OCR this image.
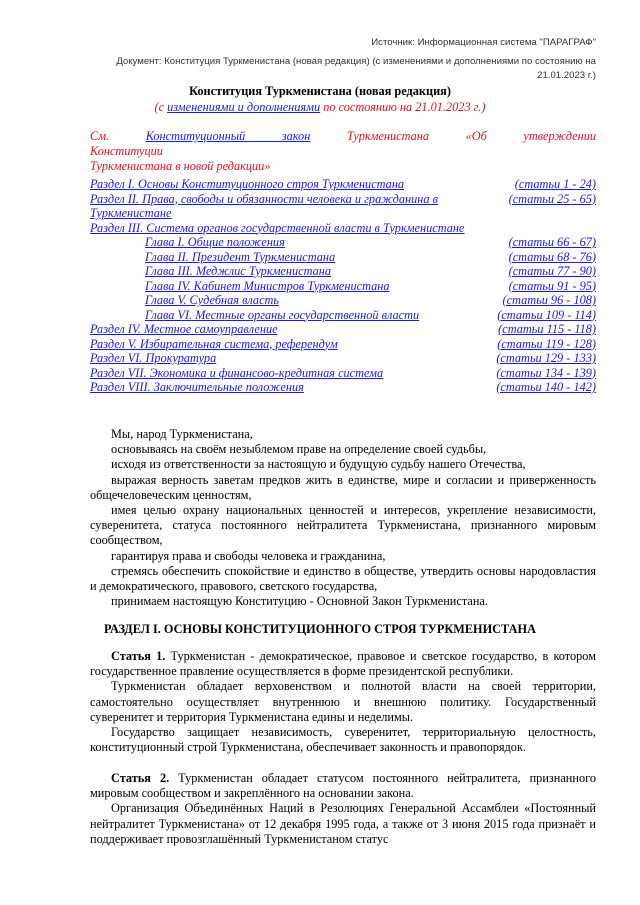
Источник: Информационная система "ПАРАГРАФ"
Документ: Конституция Туркменистана (новая редакция) (с изменениями и дополнениями по состоянию на 21.01.2023 г.)
Конституция Туркменистана (новая редакция)
(с изменениями и дополнениями по состоянию на 21.01.2023 г.)
См.	Конституционный закон	Туркменистана «Об утверждении Конституции
Туркменистана в новой редакции»
Раздел I. Основы Конституционного строя Туркменистана	(статьи 1 - 24)
Раздел II. Права, свободы и обязанности человека и гражданина в Туркменистане
(статьи 25 - 65)
Раздел III. Система органов государственной власти в Туркменистане
Глава I. Общие положения	(статьи 66 - 67)
Глава II. Президент Туркменистана	(статьи 68 - 76)
Глава III. Меджлис Туркменистана	(статьи 77 - 90)
Глава IV. Кабинет Министров Туркменистана	(статьи 91 - 95)
Глава V. Судебная власть	(статьи 96 - 108)
Глава VI. Местные органы государственной власти	(статьи 109 - 114)
Раздел IV. Местное самоуправление	(статьи 115 - 118)
Раздел V. Избирательная система, референдум	(статьи 119 - 128)
Раздел VI. Прокуратура	(статьи 129 - 133)
Раздел VII. Экономика и финансово-кредитная система	(статьи 134 - 139)
Раздел VIII. Заключительные положения	(статьи 140 - 142)

Мы, народ Туркменистана,

основываясь на своём незыблемом праве на определение своей судьбы,

исходя из ответственности за настоящую и будущую судьбу нашего Отечества,

выражая верность заветам предков жить в единстве, мире и согласии и приверженность общечеловеческим ценностям,

имея целью охрану национальных ценностей и интересов, укрепление независимости, суверенитета, статуса постоянного нейтралитета Туркменистана, признанного мировым сообществом,

гарантируя права и свободы человека и гражданина,

стремясь обеспечить спокойствие и единство в обществе, утвердить основы народовластия и демократического, правового, светского государства,

принимаем настоящую Конституцию - Основной Закон Туркменистана.

РАЗДЕЛ I. ОСНОВЫ КОНСТИТУЦИОННОГО СТРОЯ ТУРКМЕНИСТАНА

Статья 1. Туркменистан - демократическое, правовое и светское государство, в котором государственное правление осуществляется в форме президентской республики.

Туркменистан обладает верховенством и полнотой власти на своей территории, самостоятельно осуществляет внутреннюю и внешнюю политику. Государственный суверенитет и территория Туркменистана едины и неделимы.

Государство защищает независимость, суверенитет, территориальную целостность, конституционный строй Туркменистана, обеспечивает законность и правопорядок.

Статья 2. Туркменистан обладает статусом постоянного нейтралитета, признанного мировым сообществом и закреплённого на основании закона.

Организация Объединённых Наций в Резолюциях Генеральной Ассамблеи «Постоянный нейтралитет Туркменистана» от 12 декабря 1995 года, а также от 3 июня 2015 года признаёт и поддерживает провозглашённый Туркменистаном статус
